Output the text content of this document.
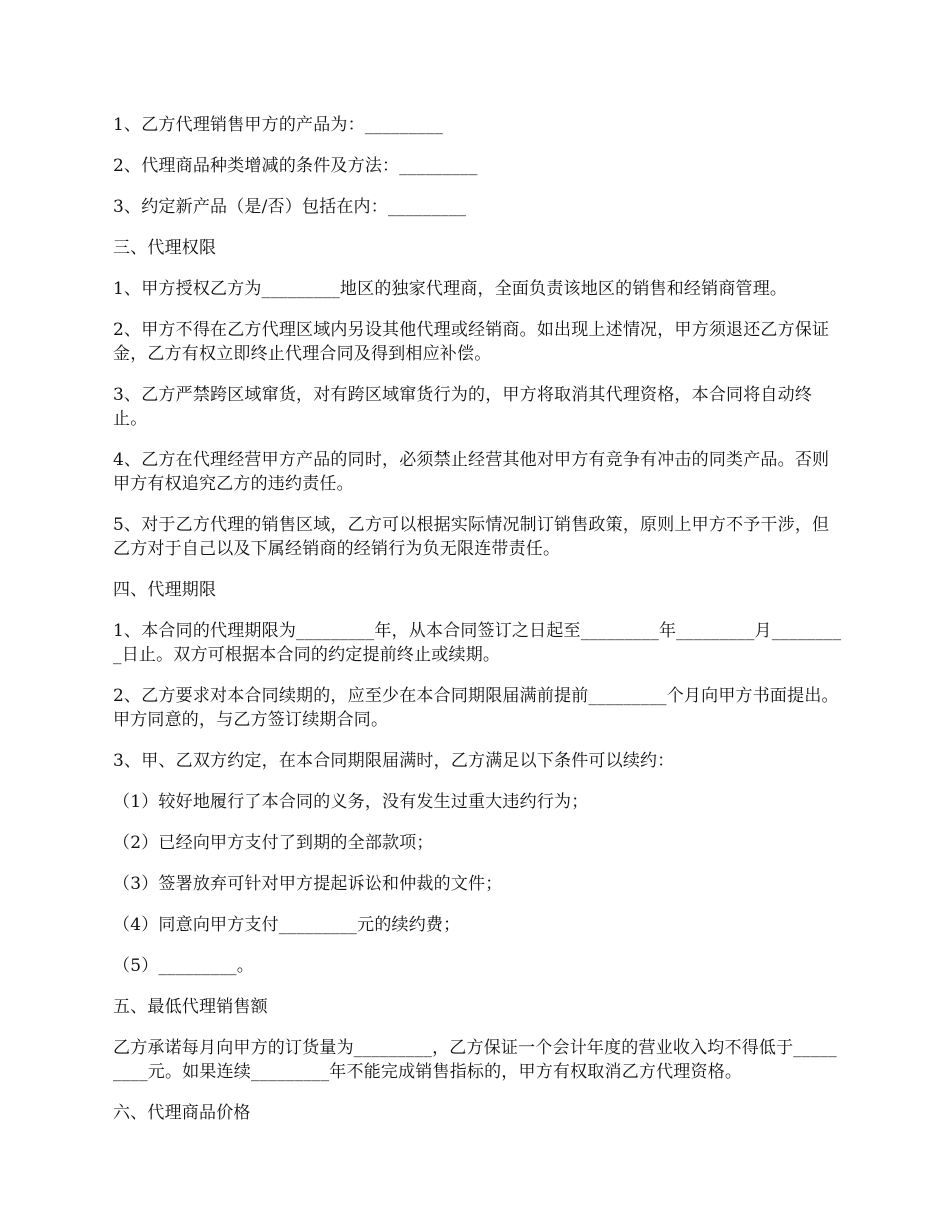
1、乙方代理销售甲方的产品为：_________

2、代理商品种类增减的条件及方法：_________

3、约定新产品（是/否）包括在内：_________

三、代理权限

1、甲方授权乙方为_________地区的独家代理商，全面负责该地区的销售和经销商管理。

2、甲方不得在乙方代理区域内另设其他代理或经销商。如出现上述情况，甲方须退还乙方保证金，乙方有权立即终止代理合同及得到相应补偿。

3、乙方严禁跨区域窜货，对有跨区域窜货行为的，甲方将取消其代理资格，本合同将自动终止。

4、乙方在代理经营甲方产品的同时，必须禁止经营其他对甲方有竞争有冲击的同类产品。否则甲方有权追究乙方的违约责任。

5、对于乙方代理的销售区域，乙方可以根据实际情况制订销售政策，原则上甲方不予干涉，但乙方对于自己以及下属经销商的经销行为负无限连带责任。

四、代理期限

1、本合同的代理期限为_________年，从本合同签订之日起至_________年_________月_________日止。双方可根据本合同的约定提前终止或续期。

2、乙方要求对本合同续期的，应至少在本合同期限届满前提前_________个月向甲方书面提出。甲方同意的，与乙方签订续期合同。

3、甲、乙双方约定，在本合同期限届满时，乙方满足以下条件可以续约：

（1）较好地履行了本合同的义务，没有发生过重大违约行为；

（2）已经向甲方支付了到期的全部款项；

（3）签署放弃可针对甲方提起诉讼和仲裁的文件；

（4）同意向甲方支付_________元的续约费；

（5）_________。

五、最低代理销售额

乙方承诺每月向甲方的订货量为_________，乙方保证一个会计年度的营业收入均不得低于_________元。如果连续_________年不能完成销售指标的，甲方有权取消乙方代理资格。

六、代理商品价格
